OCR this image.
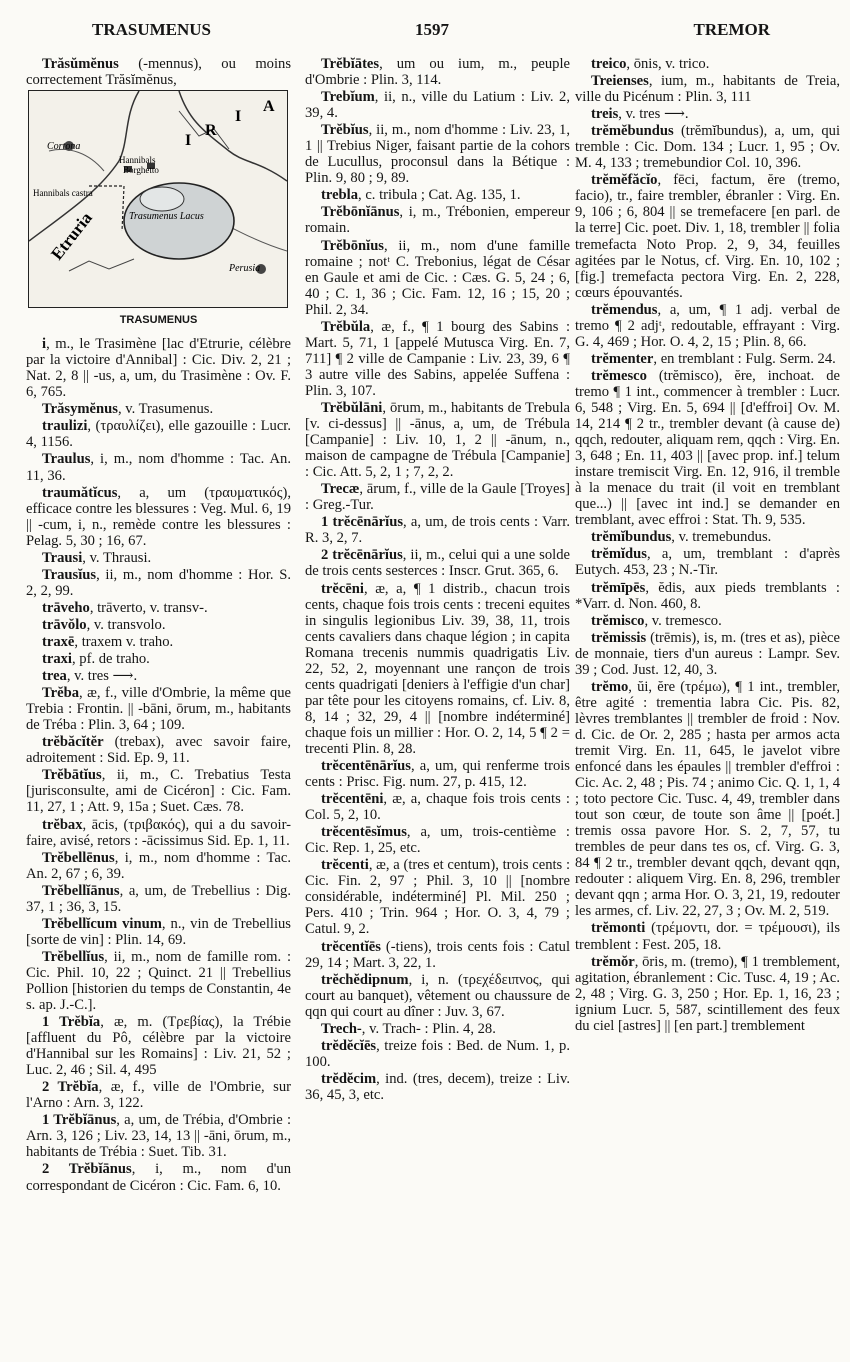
TRASUMENUS	1597	TREMOR

Trăsŭmĕnus (-mennus), ou moins correctement Trăsĭmĕnus,

Cortona
Hannibals
Borghetto
Hannibals castra
Trasumenus Lacus
Perusia
Etruria
I
R
I
A
TRASUMENUS

i, m., le Trasimène [lac d'Etrurie, célèbre par la victoire d'Annibal] : Cic. Div. 2, 21 ; Nat. 2, 8 || -us, a, um, du Trasimène : Ov. F. 6, 765.

Trăsymĕnus, v. Trasumenus.

traulizi, (τραυλίζει), elle gazouille : Lucr. 4, 1156.

Traulus, i, m., nom d'homme : Tac. An. 11, 36.

traumătĭcus, a, um (τραυματικός), efficace contre les blessures : Veg. Mul. 6, 19 || -cum, i, n., remède contre les blessures : Pelag. 5, 30 ; 16, 67.

Trausi, v. Thrausi.

Trausĭus, ii, m., nom d'homme : Hor. S. 2, 2, 99.

trāveho, trāverto, v. transv-.

trāvŏlo, v. transvolo.

traxē, traxem v. traho.

traxi, pf. de traho.

trea, v. tres ⟶.

Trĕba, æ, f., ville d'Ombrie, la même que Trebia : Frontin. || -bāni, ōrum, m., habitants de Tréba : Plin. 3, 64 ; 109.

trĕbăcĭtĕr (trebax), avec savoir faire, adroitement : Sid. Ep. 9, 11.

Trĕbātĭus, ii, m., C. Trebatius Testa [jurisconsulte, ami de Cicéron] : Cic. Fam. 11, 27, 1 ; Att. 9, 15a ; Suet. Cæs. 78.

trĕbax, ācis, (τριβακός), qui a du savoir-faire, avisé, retors : -ācissimus Sid. Ep. 1, 11.

Trĕbellēnus, i, m., nom d'homme : Tac. An. 2, 67 ; 6, 39.

Trĕbellĭānus, a, um, de Trebellius : Dig. 37, 1 ; 36, 3, 15.

Trĕbellĭcum vinum, n., vin de Trebellius [sorte de vin] : Plin. 14, 69.

Trĕbellĭus, ii, m., nom de famille rom. : Cic. Phil. 10, 22 ; Quinct. 21 || Trebellius Pollion [historien du temps de Constantin, 4e s. ap. J.-C.].

1 Trĕbĭa, æ, m. (Τρεβίας), la Trébie [affluent du Pô, célèbre par la victoire d'Hannibal sur les Romains] : Liv. 21, 52 ; Luc. 2, 46 ; Sil. 4, 495

2 Trĕbĭa, æ, f., ville de l'Ombrie, sur l'Arno : Arn. 3, 122.

1 Trĕbĭānus, a, um, de Trébia, d'Ombrie : Arn. 3, 126 ; Liv. 23, 14, 13 || -āni, ōrum, m., habitants de Trébia : Suet. Tib. 31.

2 Trĕbĭānus, i, m., nom d'un correspondant de Cicéron : Cic. Fam. 6, 10.

Trĕbĭātes, um ou ium, m., peuple d'Ombrie : Plin. 3, 114.

Trebĭum, ii, n., ville du Latium : Liv. 2, 39, 4.

Trĕbĭus, ii, m., nom d'homme : Liv. 23, 1, 1 || Trebius Niger, faisant partie de la cohors de Lucullus, proconsul dans la Bétique : Plin. 9, 80 ; 9, 89.

trebla, c. tribula ; Cat. Ag. 135, 1.

Trĕbōnĭānus, i, m., Trébonien, empereur romain.

Trĕbōnĭus, ii, m., nom d'une famille romaine ; notᵗ C. Trebonius, légat de César en Gaule et ami de Cic. : Cæs. G. 5, 24 ; 6, 40 ; C. 1, 36 ; Cic. Fam. 12, 16 ; 15, 20 ; Phil. 2, 34.

Trĕbŭla, æ, f., ¶ 1 bourg des Sabins : Mart. 5, 71, 1 [appelé Mutusca Virg. En. 7, 711] ¶ 2 ville de Campanie : Liv. 23, 39, 6 ¶ 3 autre ville des Sabins, appelée Suffena : Plin. 3, 107.

Trĕbŭlāni, ōrum, m., habitants de Trebula [v. ci-dessus] || -ānus, a, um, de Trébula [Campanie] : Liv. 10, 1, 2 || -ānum, n., maison de campagne de Trébula [Campanie] : Cic. Att. 5, 2, 1 ; 7, 2, 2.

Trecæ, ārum, f., ville de la Gaule [Troyes] : Greg.-Tur.

1 trĕcēnārĭus, a, um, de trois cents : Varr. R. 3, 2, 7.

2 trĕcēnārĭus, ii, m., celui qui a une solde de trois cents sesterces : Inscr. Grut. 365, 6.

trĕcēni, æ, a, ¶ 1 distrib., chacun trois cents, chaque fois trois cents : treceni equites in singulis legionibus Liv. 39, 38, 11, trois cents cavaliers dans chaque légion ; in capita Romana trecenis nummis quadrigatis Liv. 22, 52, 2, moyennant une rançon de trois cents quadrigati [deniers à l'effigie d'un char] par tête pour les citoyens romains, cf. Liv. 8, 8, 14 ; 32, 29, 4 || [nombre indéterminé] chaque fois un millier : Hor. O. 2, 14, 5 ¶ 2 = trecenti Plin. 8, 28.

trĕcentēnārĭus, a, um, qui renferme trois cents : Prisc. Fig. num. 27, p. 415, 12.

trĕcentēni, æ, a, chaque fois trois cents : Col. 5, 2, 10.

trĕcentēsĭmus, a, um, trois-centième : Cic. Rep. 1, 25, etc.

trĕcenti, æ, a (tres et centum), trois cents : Cic. Fin. 2, 97 ; Phil. 3, 10 || [nombre considérable, indéterminé] Pl. Mil. 250 ; Pers. 410 ; Trin. 964 ; Hor. O. 3, 4, 79 ; Catul. 9, 2.

trĕcentĭēs (-tiens), trois cents fois : Catul 29, 14 ; Mart. 3, 22, 1.

trĕchĕdipnum, i, n. (τρεχέδειπνος, qui court au banquet), vêtement ou chaussure de qqn qui court au dîner : Juv. 3, 67.

Trech-, v. Trach- : Plin. 4, 28.

trĕdĕcĭēs, treize fois : Bed. de Num. 1, p. 100.

trĕdĕcim, ind. (tres, decem), treize : Liv. 36, 45, 3, etc.

treico, ōnis, v. trico.

Treienses, ium, m., habitants de Treia, ville du Picénum : Plin. 3, 111

treis, v. tres ⟶.

trĕmĕbundus (trĕmĭbundus), a, um, qui tremble : Cic. Dom. 134 ; Lucr. 1, 95 ; Ov. M. 4, 133 ; tremebundior Col. 10, 396.

trĕmĕfăcĭo, fēci, factum, ĕre (tremo, facio), tr., faire trembler, ébranler : Virg. En. 9, 106 ; 6, 804 || se tremefacere [en parl. de la terre] Cic. poet. Div. 1, 18, trembler || folia tremefacta Noto Prop. 2, 9, 34, feuilles agitées par le Notus, cf. Virg. En. 10, 102 ; [fig.] tremefacta pectora Virg. En. 2, 228, cœurs épouvantés.

trĕmendus, a, um, ¶ 1 adj. verbal de tremo ¶ 2 adjᵗ, redoutable, effrayant : Virg. G. 4, 469 ; Hor. O. 4, 2, 15 ; Plin. 8, 66.

trĕmenter, en tremblant : Fulg. Serm. 24.

trĕmesco (trĕmisco), ĕre, inchoat. de tremo ¶ 1 int., commencer à trembler : Lucr. 6, 548 ; Virg. En. 5, 694 || [d'effroi] Ov. M. 14, 214 ¶ 2 tr., trembler devant (à cause de) qqch, redouter, aliquam rem, qqch : Virg. En. 3, 648 ; En. 11, 403 || [avec prop. inf.] telum instare tremiscit Virg. En. 12, 916, il tremble à la menace du trait (il voit en tremblant que...) || [avec int ind.] se demander en tremblant, avec effroi : Stat. Th. 9, 535.

trĕmĭbundus, v. tremebundus.

trĕmĭdus, a, um, tremblant : d'après Eutych. 453, 23 ; N.-Tir.

trĕmīpēs, ĕdis, aux pieds tremblants : *Varr. d. Non. 460, 8.

trĕmisco, v. tremesco.

trĕmissis (trēmis), is, m. (tres et as), pièce de monnaie, tiers d'un aureus : Lampr. Sev. 39 ; Cod. Just. 12, 40, 3.

trĕmo, ŭi, ĕre (τρέμω), ¶ 1 int., trembler, être agité : trementia labra Cic. Pis. 82, lèvres tremblantes || trembler de froid : Nov. d. Cic. de Or. 2, 285 ; hasta per armos acta tremit Virg. En. 11, 645, le javelot vibre enfoncé dans les épaules || trembler d'effroi : Cic. Ac. 2, 48 ; Pis. 74 ; animo Cic. Q. 1, 1, 4 ; toto pectore Cic. Tusc. 4, 49, trembler dans tout son cœur, de toute son âme || [poét.] tremis ossa pavore Hor. S. 2, 7, 57, tu trembles de peur dans tes os, cf. Virg. G. 3, 84 ¶ 2 tr., trembler devant qqch, devant qqn, redouter : aliquem Virg. En. 8, 296, trembler devant qqn ; arma Hor. O. 3, 21, 19, redouter les armes, cf. Liv. 22, 27, 3 ; Ov. M. 2, 519.

trĕmonti (τρέμοντι, dor. = τρέμουσι), ils tremblent : Fest. 205, 18.

trĕmŏr, ōris, m. (tremo), ¶ 1 tremblement, agitation, ébranlement : Cic. Tusc. 4, 19 ; Ac. 2, 48 ; Virg. G. 3, 250 ; Hor. Ep. 1, 16, 23 ; ignium Lucr. 5, 587, scintillement des feux du ciel [astres] || [en part.] tremblement
